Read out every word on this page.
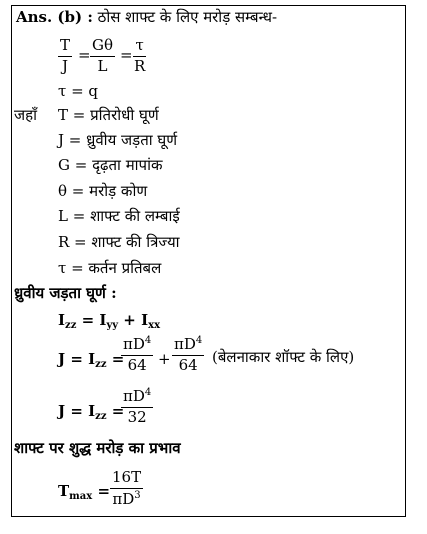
Ans. (b) : ठोस शाफ्ट के लिए मरोड़ सम्बन्ध-
$\frac{T}{J} = \frac{G\theta}{L} = \frac{\tau}{R}$
τ = q
जहाँ T = प्रतिरोधी घूर्ण
J = ध्रुवीय जड़ता घूर्ण
G = दृढ़ता मापांक
θ = मरोड़ कोण
L = शाफ्ट की लम्बाई
R = शाफ्ट की त्रिज्या
τ = कर्तन प्रतिबल
ध्रुवीय जड़ता घूर्ण :
$I_{zz} = I_{yy} + I_{xx}$
$J = I_{zz}$ =
$\frac{\pi D^4}{64} + \frac{\pi D^4}{64}$ (बेलनाकार शॉफ्ट के लिए)
$J = I_{zz}$ =
$\frac{\pi D^4}{32}$
शाफ्ट पर शुद्ध मरोड़ का प्रभाव
$T_{max} = \frac{16T}{\pi D^3}$
